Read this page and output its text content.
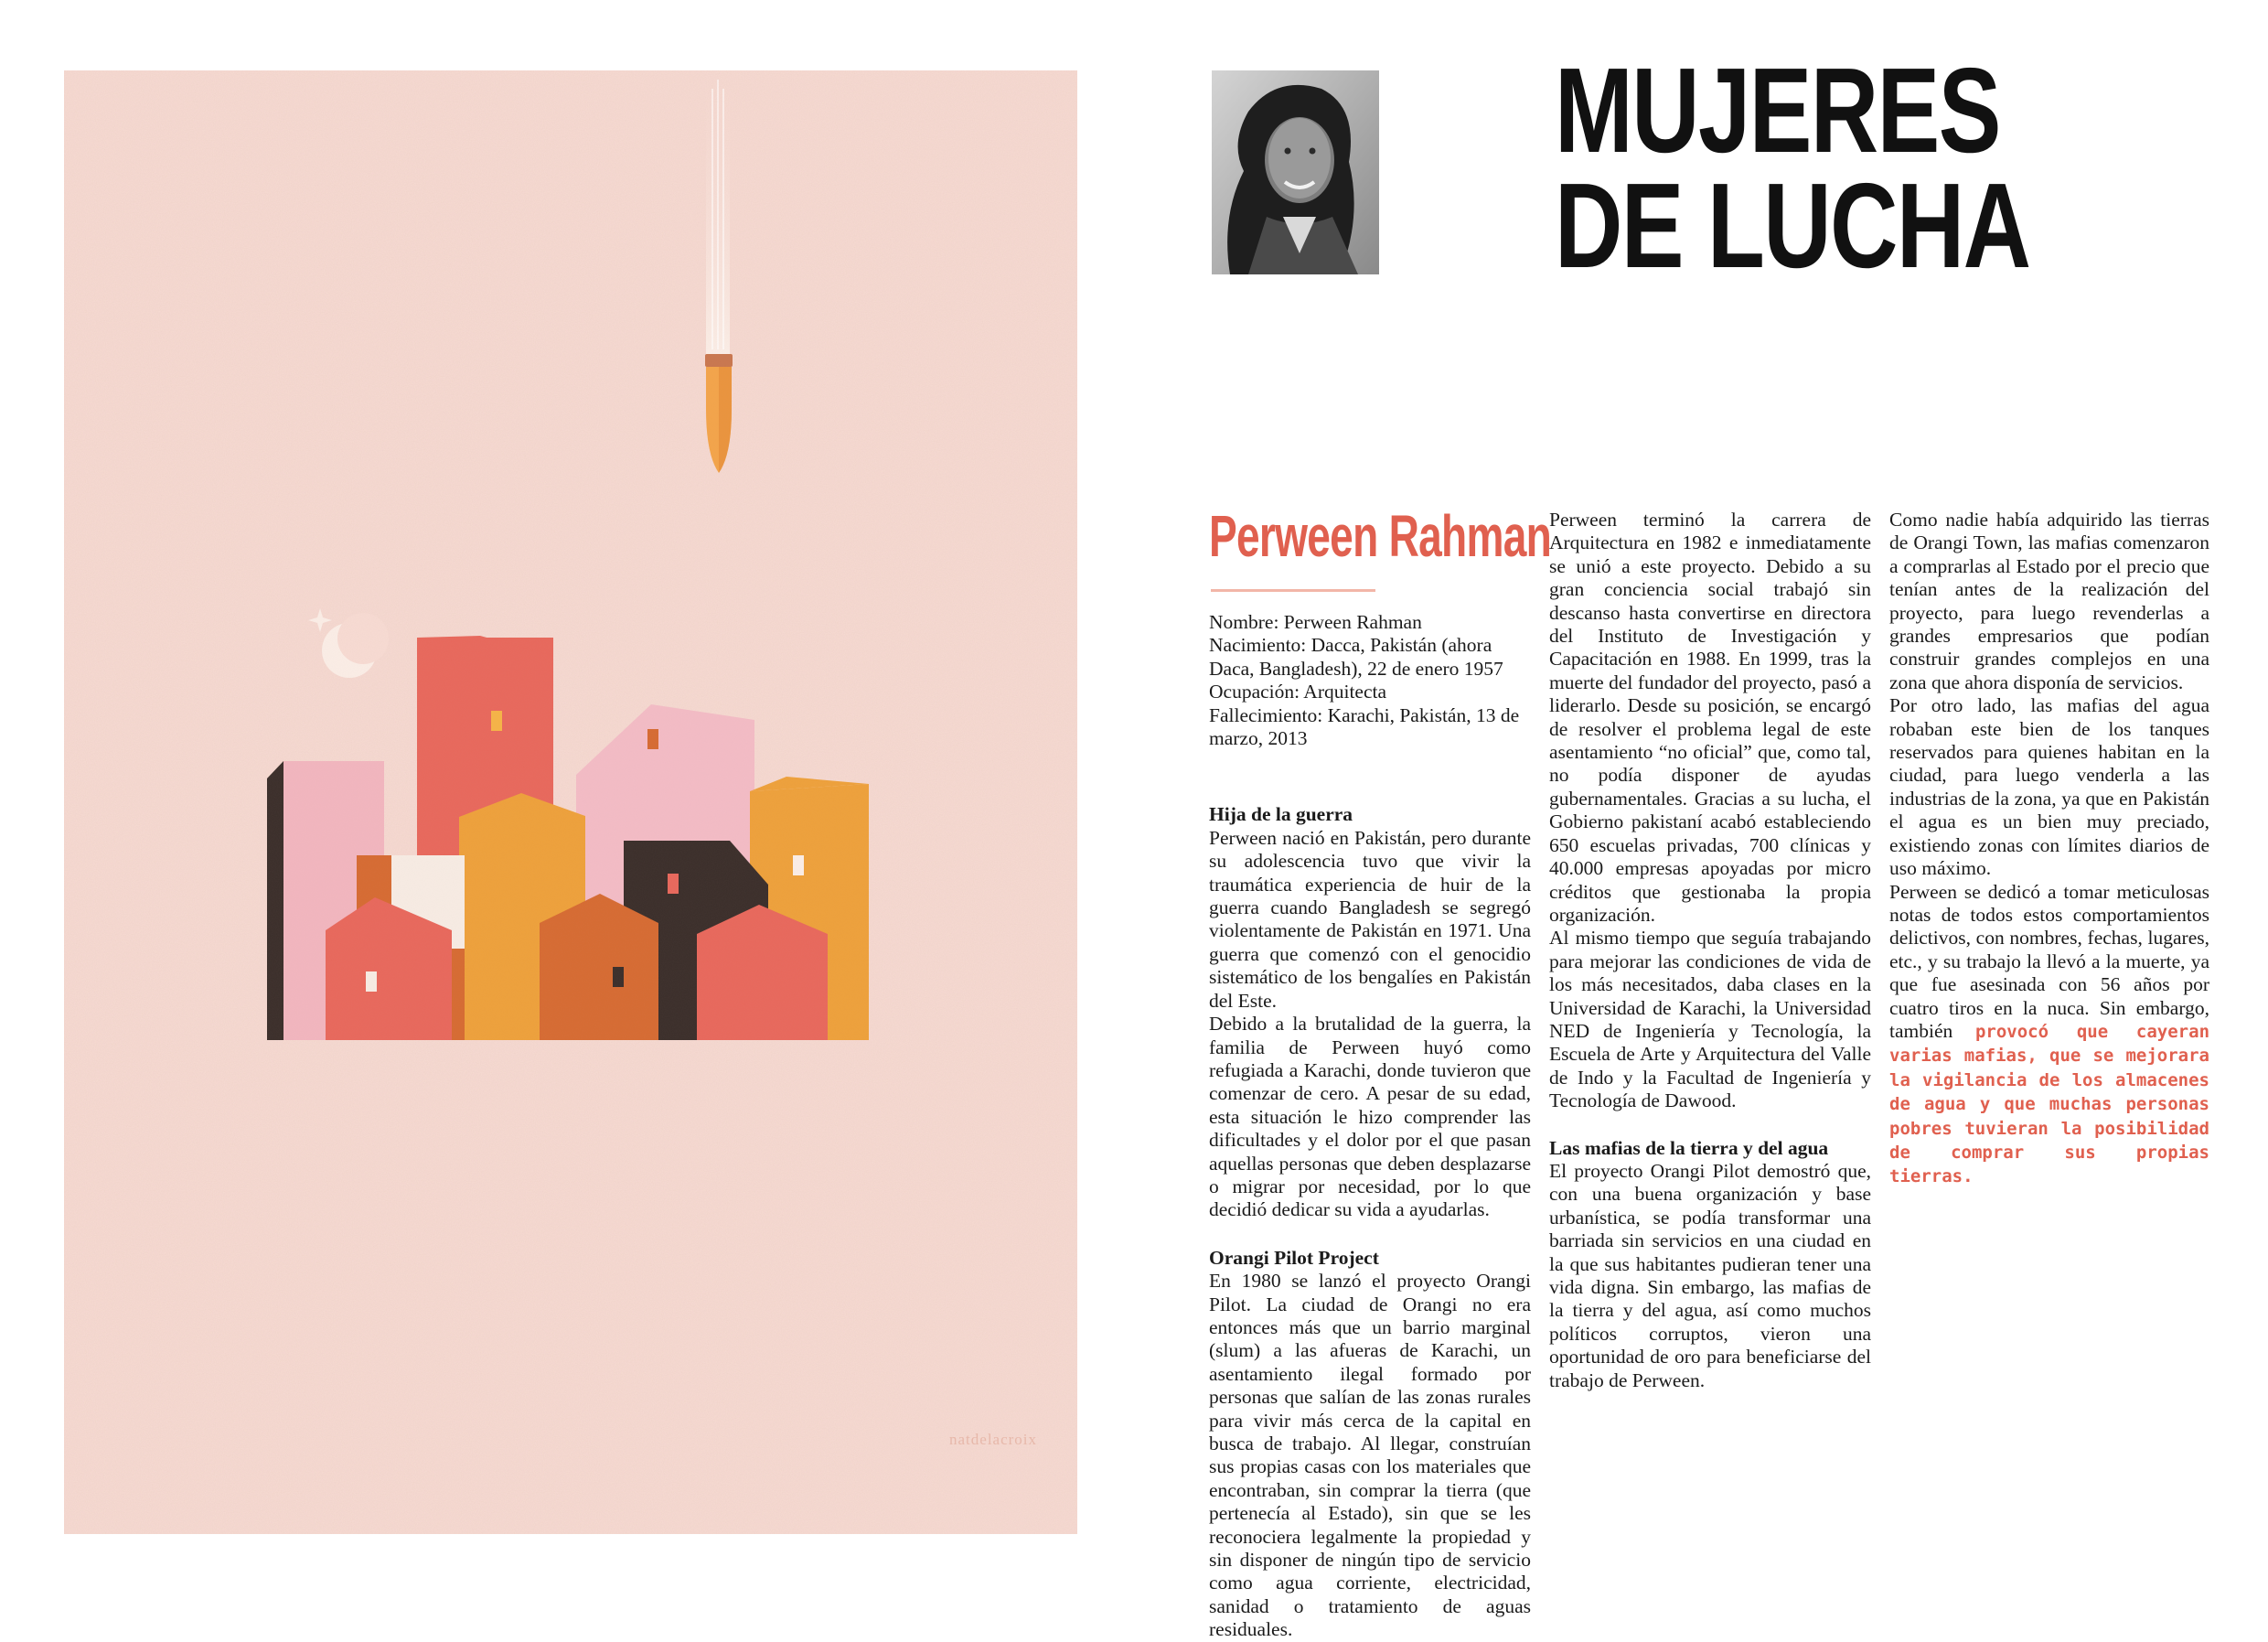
natdelacroix
MUJERES
DE LUCHA
Perween Rahman

Nombre: Perween Rahman

Nacimiento: Dacca, Pakistán (ahora Daca, Bangladesh), 22 de enero 1957

Ocupación: Arquitecta

Fallecimiento: Karachi, Pakistán, 13 de marzo, 2013

Hija de la guerra

Perween nació en Pakistán, pero durante su adolescencia tuvo que vivir la traumática experiencia de huir de la guerra cuando Bangladesh se segregó violentamente de Pakistán en 1971. Una guerra que comenzó con el genocidio sistemático de los bengalíes en Pakistán del Este.

Debido a la brutalidad de la guerra, la familia de Perween huyó como refugiada a Karachi, donde tuvieron que comenzar de cero. A pesar de su edad, esta situación le hizo comprender las dificultades y el dolor por el que pasan aquellas personas que deben desplazarse o migrar por necesidad, por lo que decidió dedicar su vida a ayudarlas.

Orangi Pilot Project

En 1980 se lanzó el proyecto Orangi Pilot. La ciudad de Orangi no era entonces más que un barrio marginal (slum) a las afueras de Karachi, un asentamiento ilegal formado por personas que salían de las zonas rurales para vivir más cerca de la capital en busca de trabajo. Al llegar, construían sus propias casas con los materiales que encontraban, sin comprar la tierra (que pertenecía al Estado), sin que se les reconociera legalmente la propiedad y sin disponer de ningún tipo de servicio como agua corriente, electricidad, sanidad o tratamiento de aguas residuales.

Perween terminó la carrera de Arquitectura en 1982 e inmediatamente se unió a este proyecto. Debido a su gran conciencia social trabajó sin descanso hasta convertirse en directora del Instituto de Investigación y Capacitación en 1988. En 1999, tras la muerte del fundador del proyecto, pasó a liderarlo. Desde su posición, se encargó de resolver el problema legal de este asentamiento “no oficial” que, como tal, no podía disponer de ayudas gubernamentales. Gracias a su lucha, el Gobierno pakistaní acabó estableciendo 650 escuelas privadas, 700 clínicas y 40.000 empresas apoyadas por micro créditos que gestionaba la propia organización.

Al mismo tiempo que seguía trabajando para mejorar las condiciones de vida de los más necesitados, daba clases en la Universidad de Karachi, la Universidad NED de Ingeniería y Tecnología, la Escuela de Arte y Arquitectura del Valle de Indo y la Facultad de Ingeniería y Tecnología de Dawood.

Las mafias de la tierra y del agua

El proyecto Orangi Pilot demostró que, con una buena organización y base urbanística, se podía transformar una barriada sin servicios en una ciudad en la que sus habitantes pudieran tener una vida digna. Sin embargo, las mafias de la tierra y del agua, así como muchos políticos corruptos, vieron una oportunidad de oro para beneficiarse del trabajo de Perween.

Como nadie había adquirido las tierras de Orangi Town, las mafias comenzaron a comprarlas al Estado por el precio que tenían antes de la realización del proyecto, para luego revenderlas a grandes empresarios que podían construir grandes complejos en una zona que ahora disponía de servicios.

Por otro lado, las mafias del agua robaban este bien de los tanques reservados para quienes habitan en la ciudad, para luego venderla a las industrias de la zona, ya que en Pakistán el agua es un bien muy preciado, existiendo zonas con límites diarios de uso máximo.

Perween se dedicó a tomar meticulosas notas de todos estos comportamientos delictivos, con nombres, fechas, lugares, etc., y su trabajo la llevó a la muerte, ya que fue asesinada con 56 años por cuatro tiros en la nuca. Sin embargo, también provocó que cayeran varias mafias, que se mejorara la vigilancia de los almacenes de agua y que muchas personas pobres tuvieran la posibilidad de comprar sus propias tierras.
